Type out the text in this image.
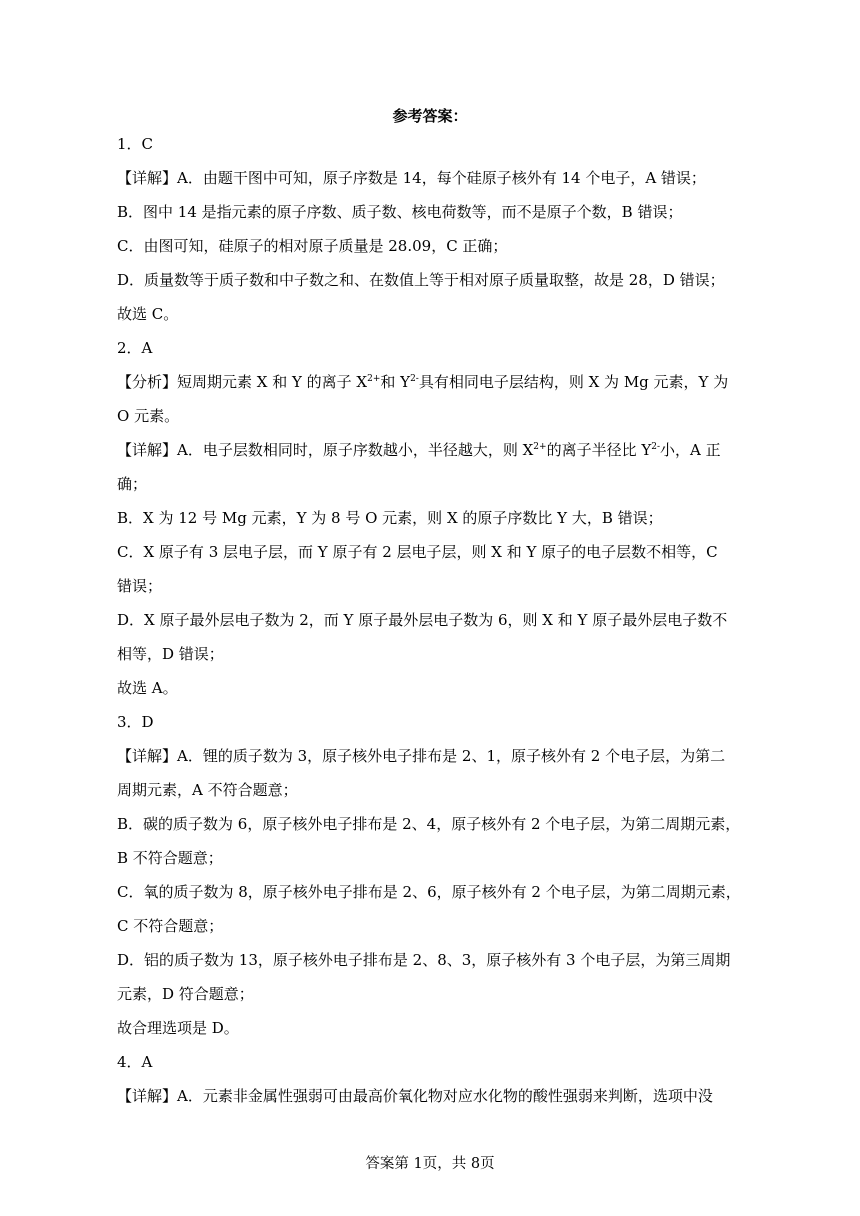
参考答案：
1．C
【详解】A．由题干图中可知，原子序数是 14，每个硅原子核外有 14 个电子，A 错误；
B．图中 14 是指元素的原子序数、质子数、核电荷数等，而不是原子个数，B 错误；
C．由图可知，硅原子的相对原子质量是 28.09，C 正确；
D．质量数等于质子数和中子数之和、在数值上等于相对原子质量取整，故是 28，D 错误；
故选 C。
2．A
【分析】短周期元素 X 和 Y 的离子 $X^{2+}$和 $Y^{2-}$具有相同电子层结构，则 X 为 Mg 元素，Y 为
O 元素。
【详解】A．电子层数相同时，原子序数越小，半径越大，则 $X^{2+}$的离子半径比 $Y^{2-}$小，A 正
确；
B．X 为 12 号 Mg 元素，Y 为 8 号 O 元素，则 X 的原子序数比 Y 大，B 错误；
C．X 原子有 3 层电子层，而 Y 原子有 2 层电子层，则 X 和 Y 原子的电子层数不相等，C
错误；
D．X 原子最外层电子数为 2，而 Y 原子最外层电子数为 6，则 X 和 Y 原子最外层电子数不
相等，D 错误；
故选 A。
3．D
【详解】A．锂的质子数为 3，原子核外电子排布是 2、1，原子核外有 2 个电子层，为第二
周期元素，A 不符合题意；
B．碳的质子数为 6，原子核外电子排布是 2、4，原子核外有 2 个电子层，为第二周期元素，
B 不符合题意；
C．氧的质子数为 8，原子核外电子排布是 2、6，原子核外有 2 个电子层，为第二周期元素，
C 不符合题意；
D．铝的质子数为 13，原子核外电子排布是 2、8、3，原子核外有 3 个电子层，为第三周期
元素，D 符合题意；
故合理选项是 D。
4．A
【详解】A．元素非金属性强弱可由最高价氧化物对应水化物的酸性强弱来判断，选项中没
答案第 1页，共 8页
